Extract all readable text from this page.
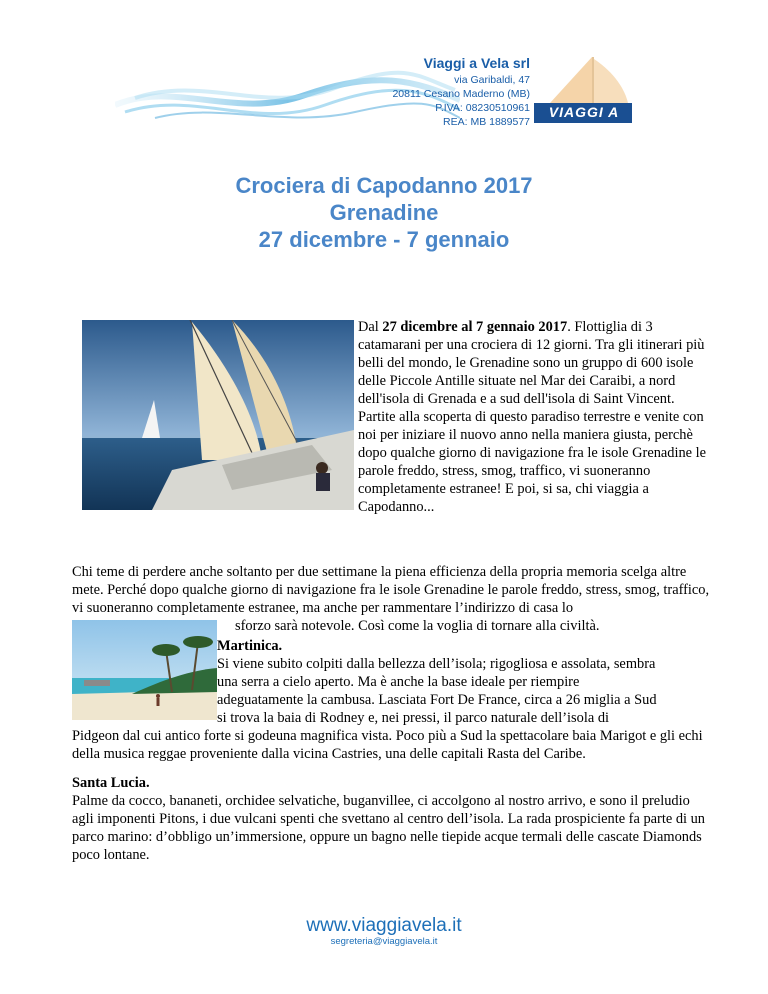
Viaggi a Vela srl
via Garibaldi, 47
20811 Cesano Maderno (MB)
P.IVA: 08230510961
REA: MB 1889577
VIAGGI A VELA
Crociera di Capodanno 2017
Grenadine
27 dicembre - 7 gennaio

Dal 27 dicembre al 7 gennaio 2017. Flottiglia di 3 catamarani per una crociera di 12 giorni. Tra gli itinerari più belli del mondo, le Grenadine sono un gruppo di 600 isole delle Piccole Antille situate nel Mar dei Caraibi, a nord dell'isola di Grenada e a sud dell'isola di Saint Vincent. Partite alla scoperta di questo paradiso terrestre e venite con noi per iniziare il nuovo anno nella maniera giusta, perchè dopo qualche giorno di navigazione fra le isole Grenadine le parole freddo, stress, smog, traffico, vi suoneranno completamente estranee! E poi, si sa, chi viaggia a Capodanno...

Chi teme di perdere anche soltanto per due settimane la piena efficienza della propria memoria scelga altre mete. Perché dopo qualche giorno di navigazione fra le isole Grenadine le parole freddo, stress, smog, traffico, vi suoneranno completamente estranee, ma anche per rammentare l’indirizzo di casa lo
sforzo sarà notevole. Così come la voglia di tornare alla civiltà.

Martinica.
Si viene subito colpiti dalla bellezza dell’isola; rigogliosa e assolata, sembra
una serra a cielo aperto. Ma è anche la base ideale per riempire
adeguatamente la cambusa. Lasciata Fort De France, circa a 26 miglia a Sud
si trova la baia di Rodney e, nei pressi, il parco naturale dell’isola di
Pidgeon dal cui antico forte si godeuna magnifica vista. Poco più a Sud la spettacolare baia Marigot e gli echi della musica reggae proveniente dalla vicina Castries, una delle capitali Rasta del Caribe.
Santa Lucia.
Palme da cocco, bananeti, orchidee selvatiche, buganvillee, ci accolgono al nostro arrivo, e sono il preludio agli imponenti Pitons, i due vulcani spenti che svettano al centro dell’isola. La rada prospiciente fa parte di un parco marino: d’obbligo un’immersione, oppure un bagno nelle tiepide acque termali delle cascate Diamonds poco lontane.
www.viaggiavela.it
segreteria@viaggiavela.it
